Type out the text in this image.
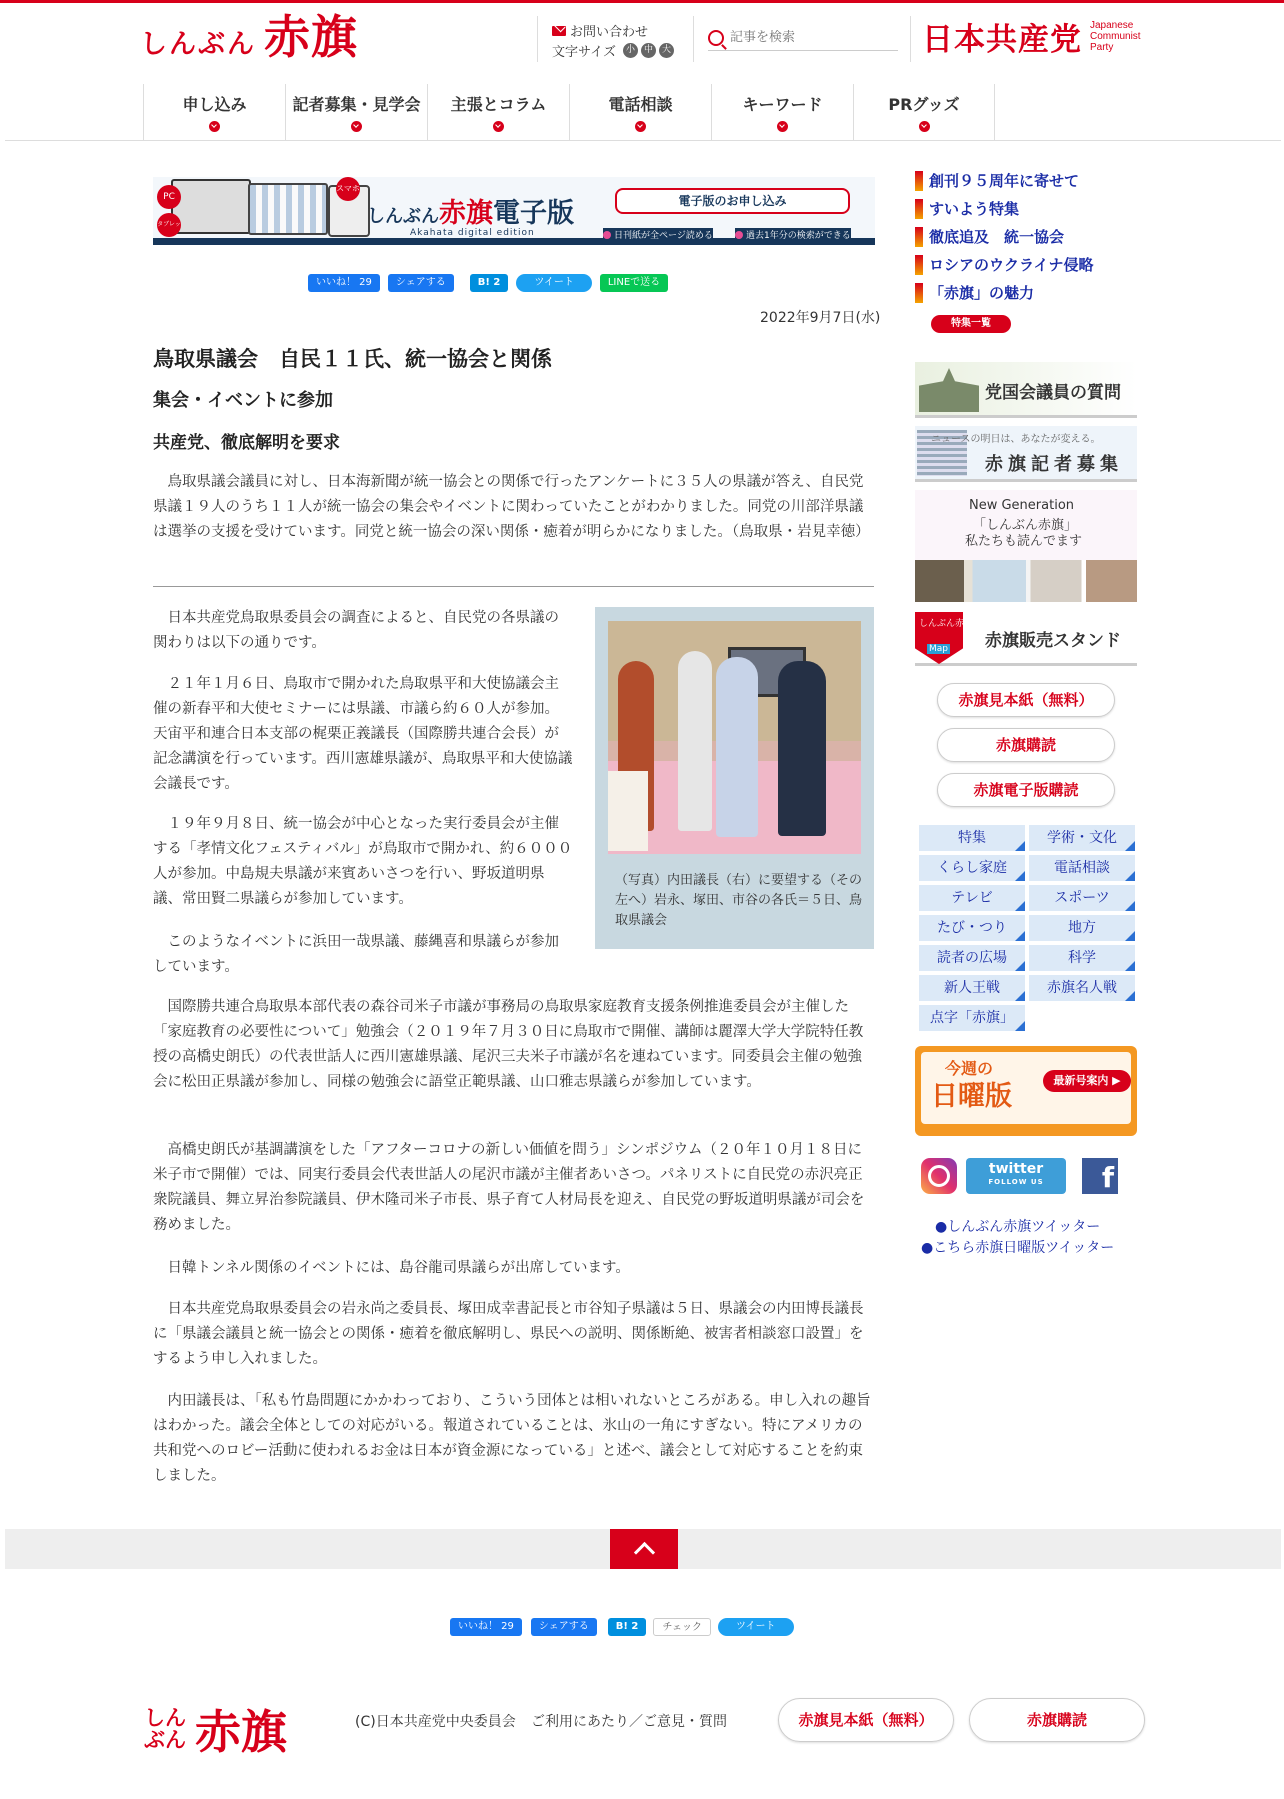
しんぶん 赤旗	お問い合わせ
文字サイズ	小 中 大
記事を検索	日本共産党 Japanese
Communist
Party
申し込み	記者募集・見学会 主張とコラム	電話相談	キーワード	PRグッズ
PC
タブレット
スマホ
しんぶん赤旗電子版
Akahata digital edition
電子版のお申し込み
日刊紙が全ページ読める	過去1年分の検索ができる
いいね！ 29	シェアする	B! 2	ツイート	LINEで送る
2022年9月7日(水)
鳥取県議会　自民１１氏、統一協会と関係
集会・イベントに参加
共産党、徹底解明を要求
鳥取県議会議員に対し、日本海新聞が統一協会との関係で行ったアンケートに３５人の県議が答え、自民党県議１９人のうち１１人が統一協会の集会やイベントに関わっていたことがわかりました。同党の川部洋県議は選挙の支援を受けています。同党と統一協会の深い関係・癒着が明らかになりました。（鳥取県・岩見幸徳）
日本共産党鳥取県委員会の調査によると、自民党の各県議の関わりは以下の通りです。
２１年１月６日、鳥取市で開かれた鳥取県平和大使協議会主催の新春平和大使セミナーには県議、市議ら約６０人が参加。天宙平和連合日本支部の梶栗正義議長（国際勝共連合会長）が記念講演を行っています。西川憲雄県議が、鳥取県平和大使協議会議長です。
１９年９月８日、統一協会が中心となった実行委員会が主催する「孝情文化フェスティバル」が鳥取市で開かれ、約６０００人が参加。中島規夫県議が来賓あいさつを行い、野坂道明県議、常田賢二県議らが参加しています。
このようなイベントに浜田一哉県議、藤縄喜和県議らが参加しています。
（写真）内田議長（右）に要望する（その左へ）岩永、塚田、市谷の各氏＝５日、鳥取県議会
国際勝共連合鳥取県本部代表の森谷司米子市議が事務局の鳥取県家庭教育支援条例推進委員会が主催した「家庭教育の必要性について」勉強会（２０１９年７月３０日に鳥取市で開催、講師は麗澤大学大学院特任教授の高橋史朗氏）の代表世話人に西川憲雄県議、尾沢三夫米子市議が名を連ねています。同委員会主催の勉強会に松田正県議が参加し、同様の勉強会に語堂正範県議、山口雅志県議らが参加しています。
高橋史朗氏が基調講演をした「アフターコロナの新しい価値を問う」シンポジウム（２０年１０月１８日に米子市で開催）では、同実行委員会代表世話人の尾沢市議が主催者あいさつ。パネリストに自民党の赤沢亮正衆院議員、舞立昇治参院議員、伊木隆司米子市長、県子育て人材局長を迎え、自民党の野坂道明県議が司会を務めました。
日韓トンネル関係のイベントには、島谷龍司県議らが出席しています。
日本共産党鳥取県委員会の岩永尚之委員長、塚田成幸書記長と市谷知子県議は５日、県議会の内田博長議長に「県議会議員と統一協会との関係・癒着を徹底解明し、県民への説明、関係断絶、被害者相談窓口設置」をするよう申し入れました。
内田議長は、「私も竹島問題にかかわっており、こういう団体とは相いれないところがある。申し入れの趣旨はわかった。議会全体としての対応がいる。報道されていることは、氷山の一角にすぎない。特にアメリカの共和党へのロビー活動に使われるお金は日本が資金源になっている」と述べ、議会として対応することを約束しました。
創刊９５周年に寄せて
すいよう特集
徹底追及　統一協会
ロシアのウクライナ侵略
「赤旗」の魅力
特集一覧
党国会議員の質問
ニュースの明日は、あなたが変える。
赤旗記者募集
New Generation
「しんぶん赤旗」
私たちも読んでます
しんぶん赤旗
Map 赤旗販売スタンド
赤旗見本紙（無料）
赤旗購読
赤旗電子版購読
特集	学術・文化
くらし家庭	電話相談
テレビ	スポーツ
たび・つり	地方
読者の広場	科学
新人王戦	赤旗名人戦
点字「赤旗」
今週の
日曜版
最新号案内 ▶
twitter
FOLLOW US f
●しんぶん赤旗ツイッター
●こちら赤旗日曜版ツイッター
いいね！ 29	シェアする	B! 2	チェック	ツイート
しん
ぶん 赤旗	(C)日本共産党中央委員会 ご利用にあたり／ご意見・質問	赤旗見本紙（無料）	赤旗購読
